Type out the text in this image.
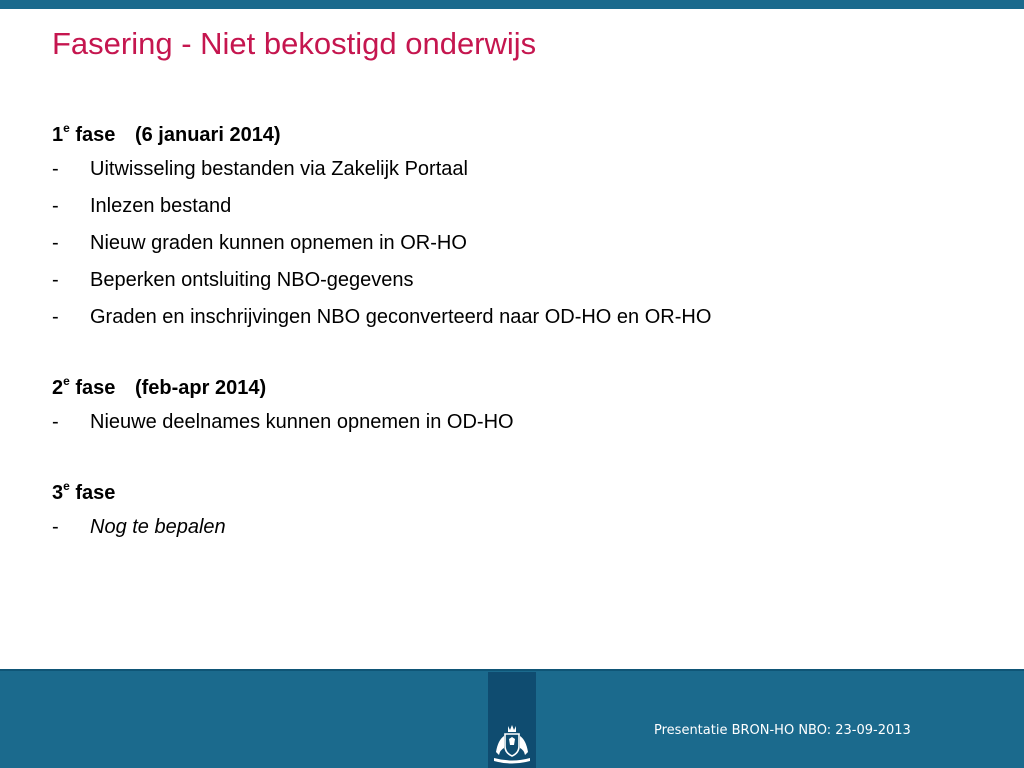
Fasering - Niet bekostigd onderwijs
1e fase (6 januari 2014)
- Uitwisseling bestanden via Zakelijk Portaal
- Inlezen bestand
- Nieuw graden kunnen opnemen in OR-HO
- Beperken ontsluiting NBO-gegevens
- Graden en inschrijvingen NBO geconverteerd naar OD-HO en OR-HO
2e fase (feb-apr 2014)
- Nieuwe deelnames kunnen opnemen in OD-HO
3e fase
- Nog te bepalen
Presentatie BRON-HO NBO: 23-09-2013
